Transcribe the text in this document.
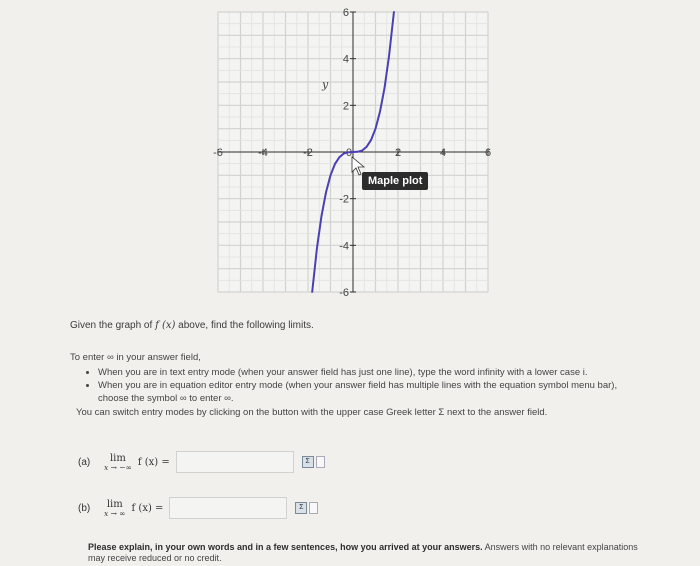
-6	-4	-2	0	2	4	6
6
4
2
-2
-4
-6
y
Maple plot
Given the graph of f (x) above, find the following limits.
To enter ∞ in your answer field,
• When you are in text entry mode (when your answer field has just one line), type the word infinity with a lower case i.
• When you are in equation editor entry mode (when your answer field has multiple lines with the equation symbol menu bar), choose the symbol ∞ to enter ∞.
You can switch entry modes by clicking on the button with the upper case Greek letter Σ next to the answer field.
(a)	lim
x → −∞ f (x) =	Σ
(b)	lim
x → ∞ f (x) =	Σ
Please explain, in your own words and in a few sentences, how you arrived at your answers. Answers with no relevant explanations may receive reduced or no credit.
